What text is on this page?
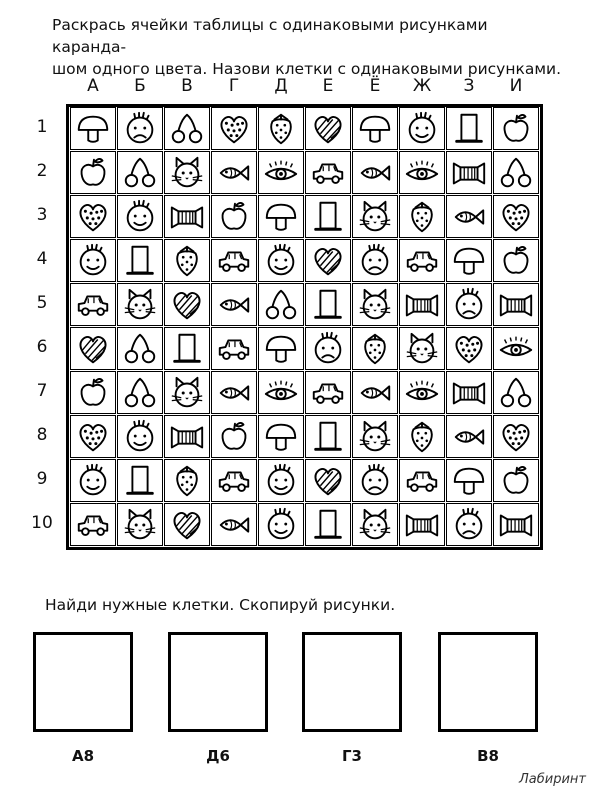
Раскрась ячейки таблицы с одинаковыми рисунками каранда-

шом одного цвета. Назови клетки с одинаковыми рисунками.

А	Б	В	Г	Д	Е	Ё	Ж	З	И
1
2
3
4
5
6
7
8
9
10
Найди нужные клетки. Скопируй рисунки.
А8	Д6	Г3	В8
Лабиринт
